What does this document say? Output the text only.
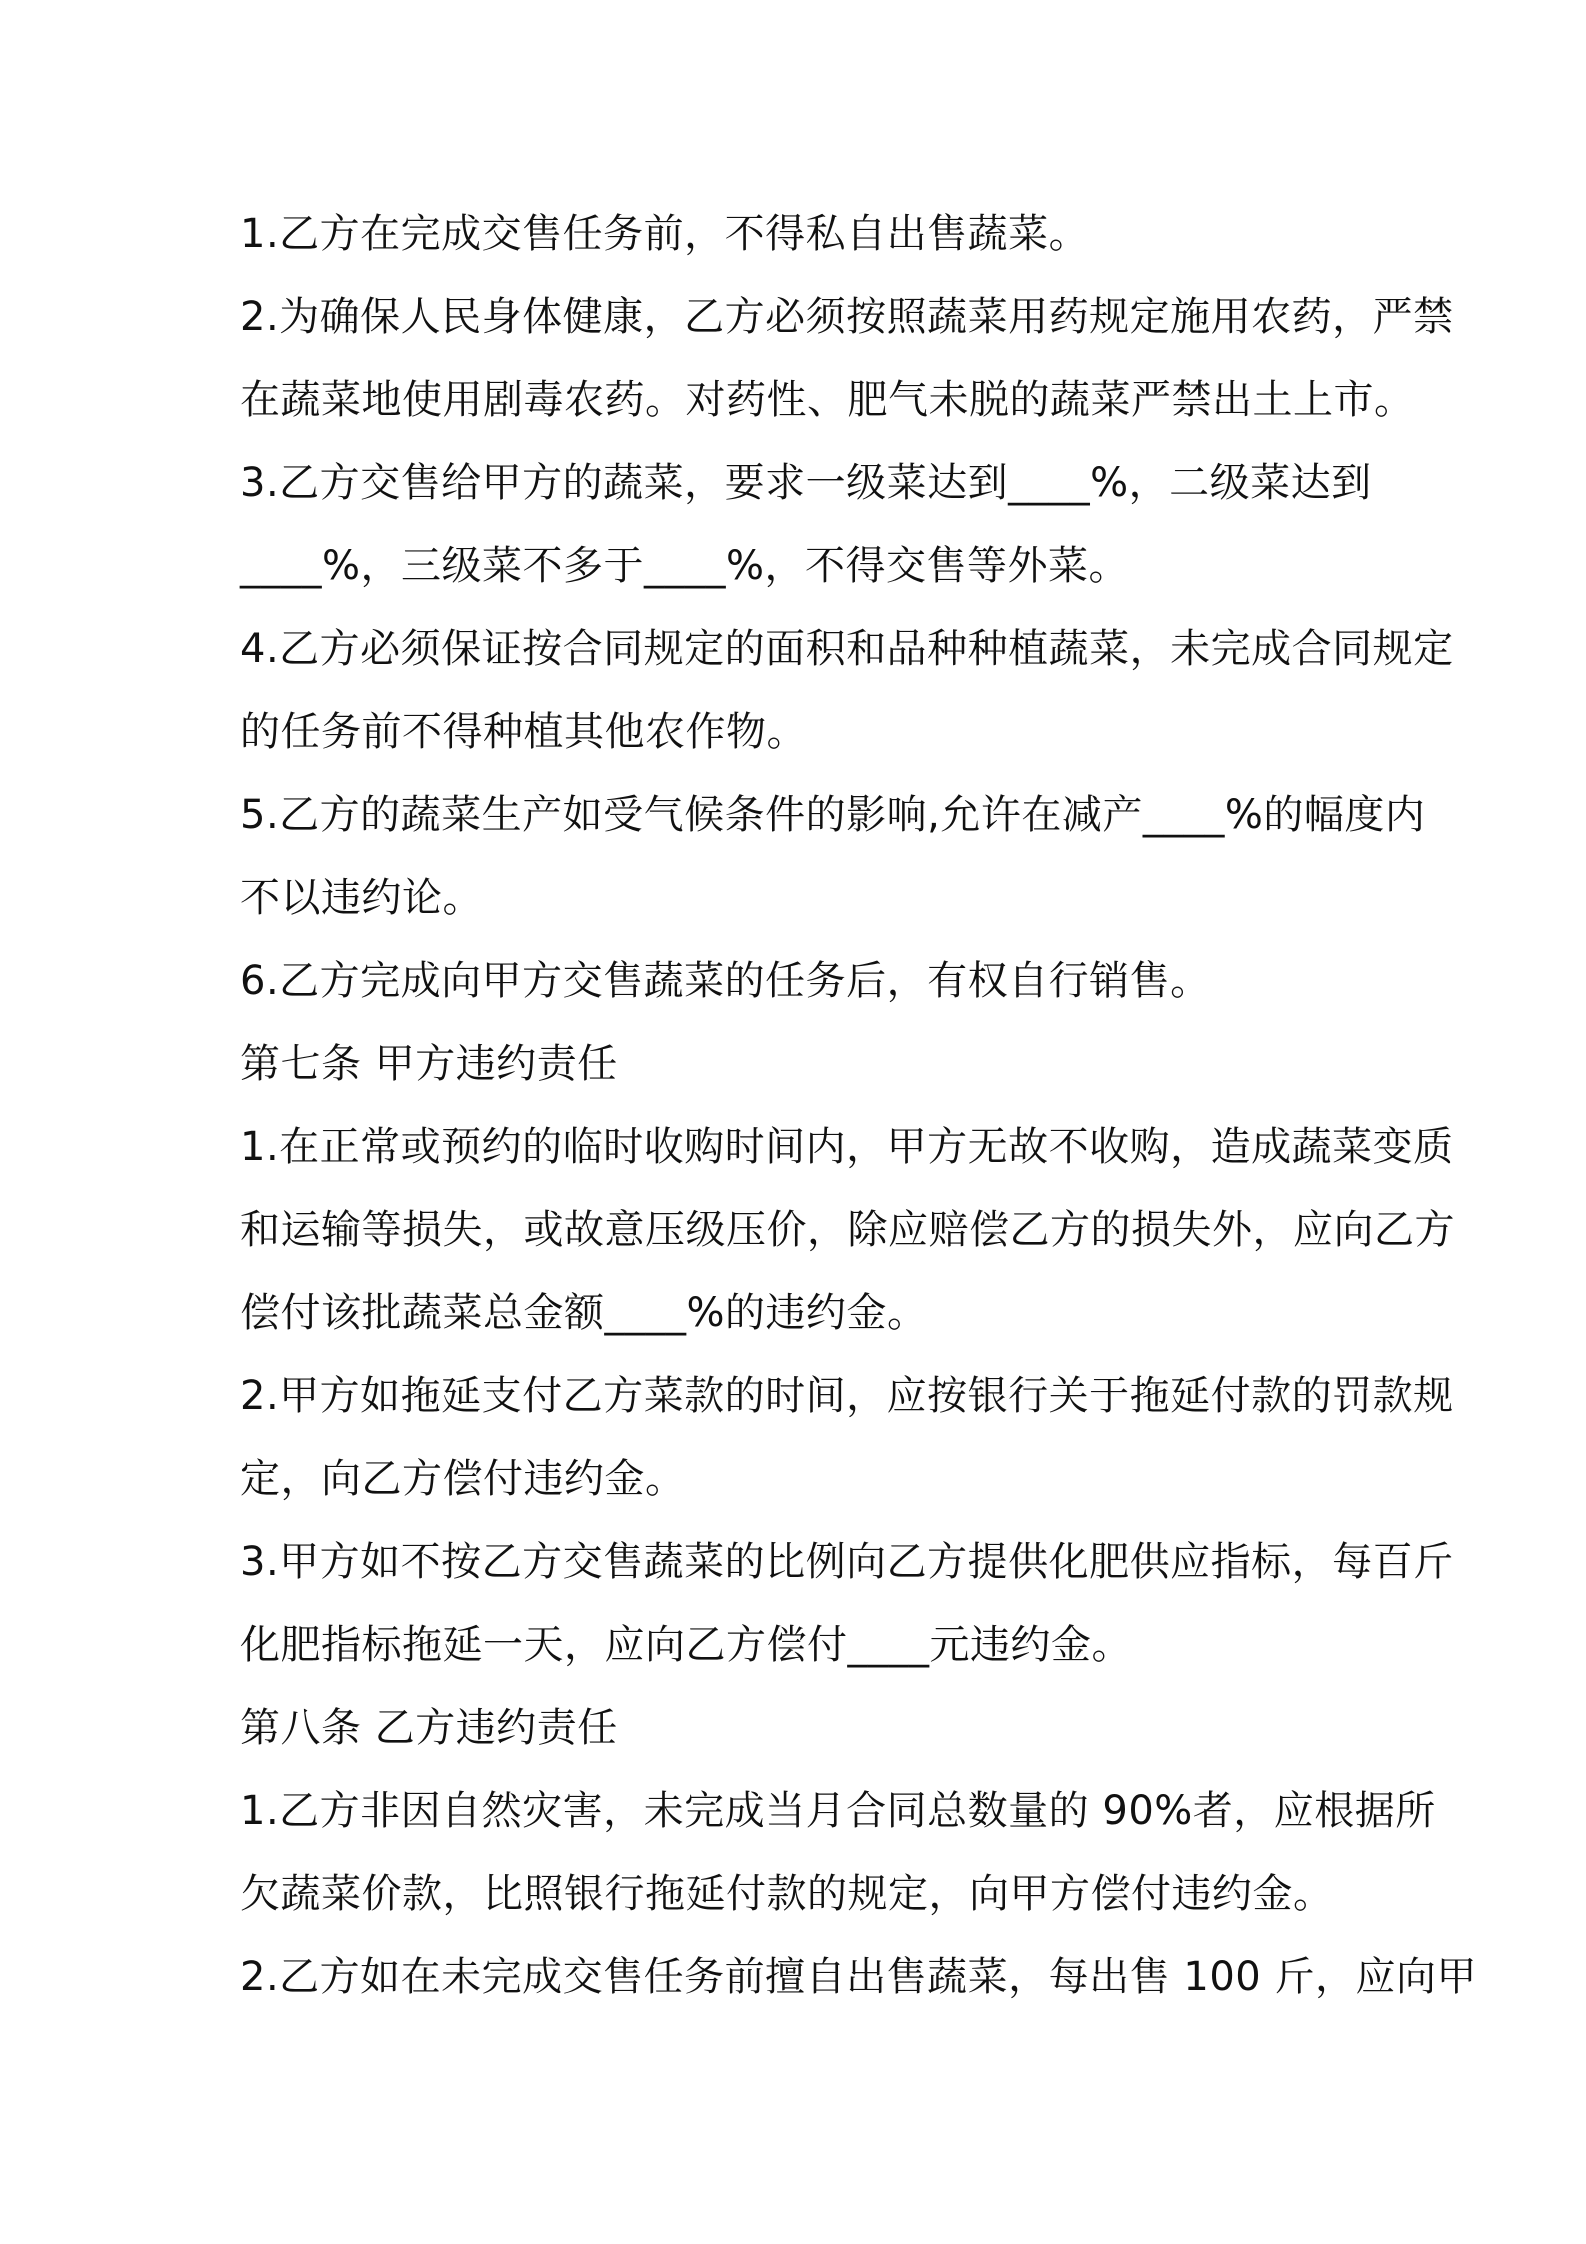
1.乙方在完成交售任务前，不得私自出售蔬菜。
2.为确保人民身体健康，乙方必须按照蔬菜用药规定施用农药，严禁
在蔬菜地使用剧毒农药。对药性、肥气未脱的蔬菜严禁出土上市。
3.乙方交售给甲方的蔬菜，要求一级菜达到____%，二级菜达到
____%，三级菜不多于____%，不得交售等外菜。
4.乙方必须保证按合同规定的面积和品种种植蔬菜，未完成合同规定
的任务前不得种植其他农作物。
5.乙方的蔬菜生产如受气候条件的影响,允许在减产____%的幅度内
不以违约论。
6.乙方完成向甲方交售蔬菜的任务后，有权自行销售。
第七条 甲方违约责任
1.在正常或预约的临时收购时间内，甲方无故不收购，造成蔬菜变质
和运输等损失，或故意压级压价，除应赔偿乙方的损失外，应向乙方
偿付该批蔬菜总金额____%的违约金。
2.甲方如拖延支付乙方菜款的时间，应按银行关于拖延付款的罚款规
定，向乙方偿付违约金。
3.甲方如不按乙方交售蔬菜的比例向乙方提供化肥供应指标，每百斤
化肥指标拖延一天，应向乙方偿付____元违约金。
第八条 乙方违约责任
1.乙方非因自然灾害，未完成当月合同总数量的 90%者，应根据所
欠蔬菜价款，比照银行拖延付款的规定，向甲方偿付违约金。
2.乙方如在未完成交售任务前擅自出售蔬菜，每出售 100 斤，应向甲
